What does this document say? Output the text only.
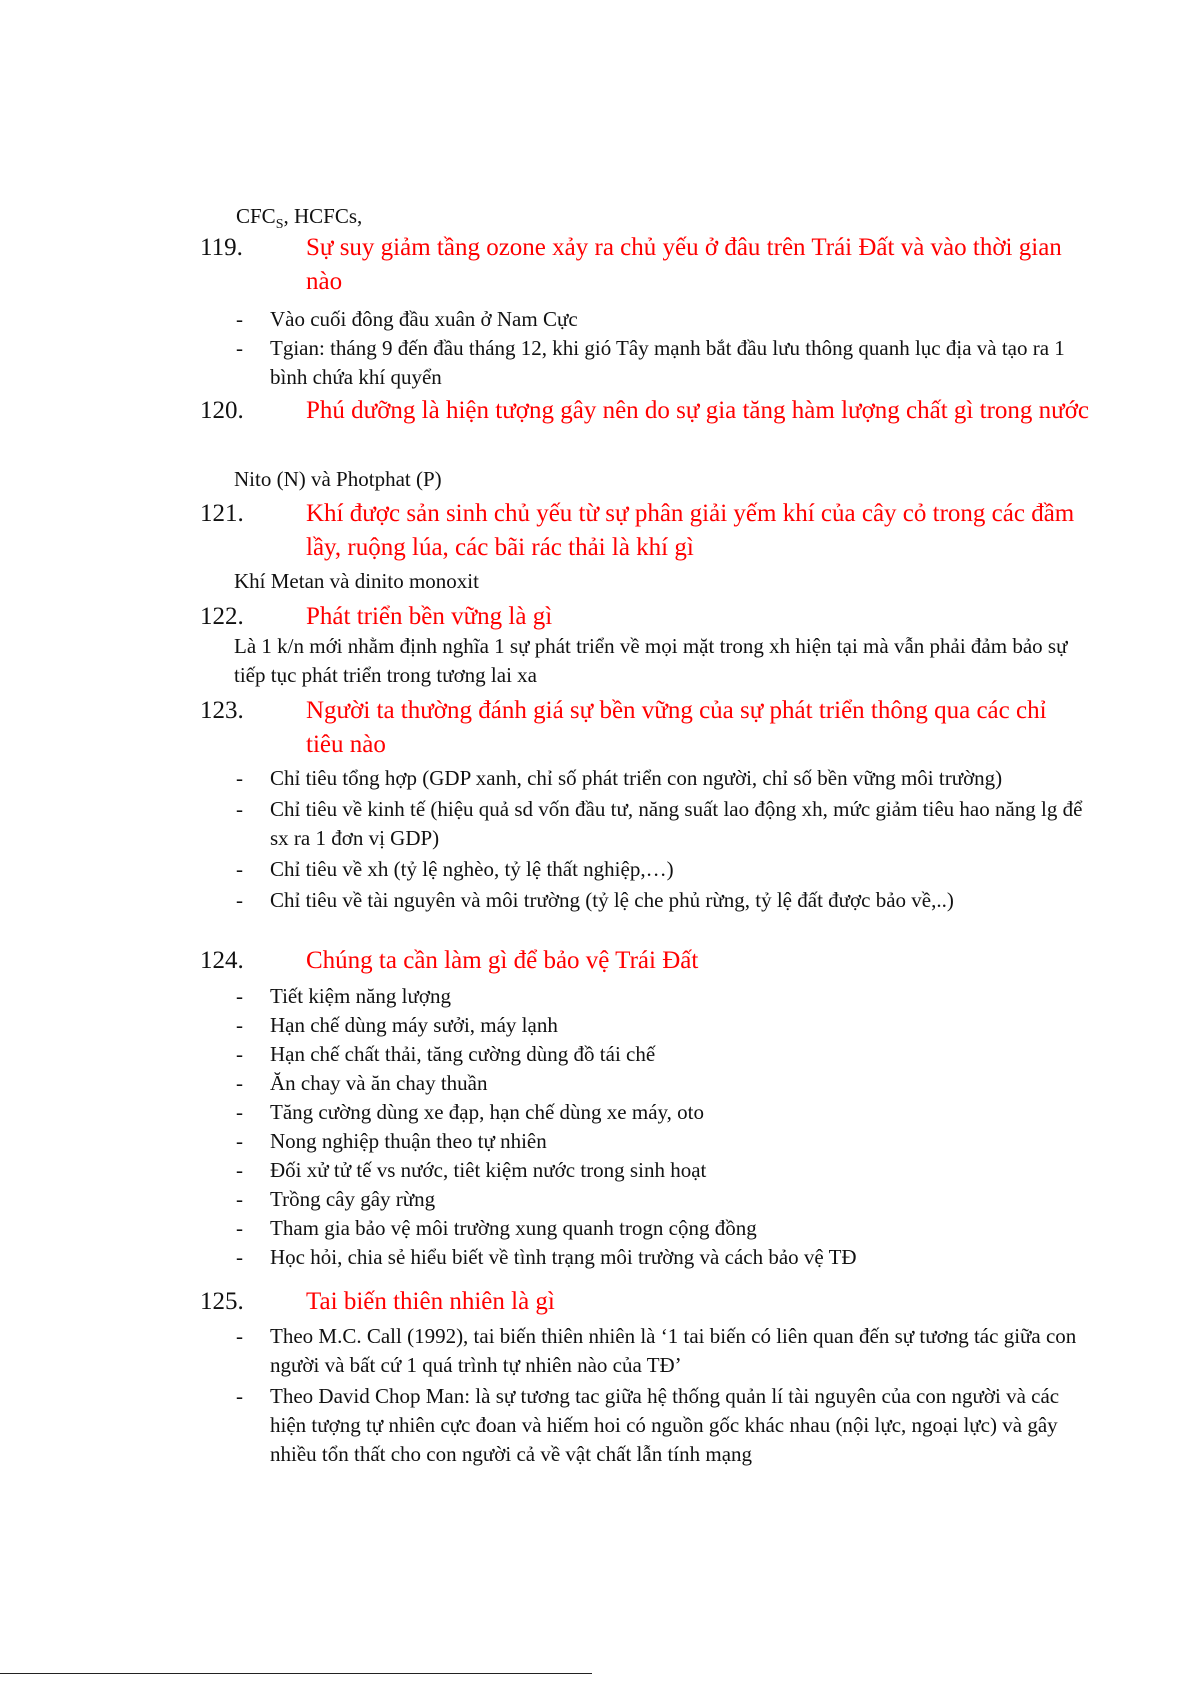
$CFC_S$, HCFCs,
119.	Sự suy giảm tầng ozone xảy ra chủ yếu ở đâu trên Trái Đất và vào thời gian nào
- Vào cuối đông đầu xuân ở Nam Cực
- Tgian: tháng 9 đến đầu tháng 12, khi gió Tây mạnh bắt đầu lưu thông quanh lục địa và tạo ra 1 bình chứa khí quyển
120. Phú dưỡng là hiện tượng gây nên do sự gia tăng hàm lượng chất gì trong nước
Nito (N) và Photphat (P)
121. Khí được sản sinh chủ yếu từ sự phân giải yếm khí của cây cỏ trong các đầm lầy, ruộng lúa, các bãi rác thải là khí gì
Khí Metan và dinito monoxit
122. Phát triển bền vững là gì
Là 1 k/n mới nhằm định nghĩa 1 sự phát triển về mọi mặt trong xh hiện tại mà vẫn phải đảm bảo sự tiếp tục phát triển trong tương lai xa
123. Người ta thường đánh giá sự bền vững của sự phát triển thông qua các chỉ tiêu nào
- Chỉ tiêu tổng hợp (GDP xanh, chỉ số phát triển con người, chỉ số bền vững môi trường)
- Chỉ tiêu về kinh tế (hiệu quả sd vốn đầu tư, năng suất lao động xh, mức giảm tiêu hao năng lg để sx ra 1 đơn vị GDP)
- Chỉ tiêu về xh (tỷ lệ nghèo, tỷ lệ thất nghiệp,…)
- Chỉ tiêu về tài nguyên và môi trường (tỷ lệ che phủ rừng, tỷ lệ đất được bảo về,..)
124. Chúng ta cần làm gì để bảo vệ Trái Đất
- Tiết kiệm năng lượng
- Hạn chế dùng máy sưởi, máy lạnh
- Hạn chế chất thải, tăng cường dùng đồ tái chế
- Ăn chay và ăn chay thuần
- Tăng cường dùng xe đạp, hạn chế dùng xe máy, oto
- Nong nghiệp thuận theo tự nhiên
- Đối xử tử tế vs nước, tiêt kiệm nước trong sinh hoạt
- Trồng cây gây rừng
- Tham gia bảo vệ môi trường xung quanh trogn cộng đồng
- Học hỏi, chia sẻ hiểu biết về tình trạng môi trường và cách bảo vệ TĐ
125. Tai biến thiên nhiên là gì
- Theo M.C. Call (1992), tai biến thiên nhiên là ‘1 tai biến có liên quan đến sự tương tác giữa con người và bất cứ 1 quá trình tự nhiên nào của TĐ’
- Theo David Chop Man: là sự tương tac giữa hệ thống quản lí tài nguyên của con người và các hiện tượng tự nhiên cực đoan và hiếm hoi có nguồn gốc khác nhau (nội lực, ngoại lực) và gây nhiều tổn thất cho con người cả về vật chất lẫn tính mạng
